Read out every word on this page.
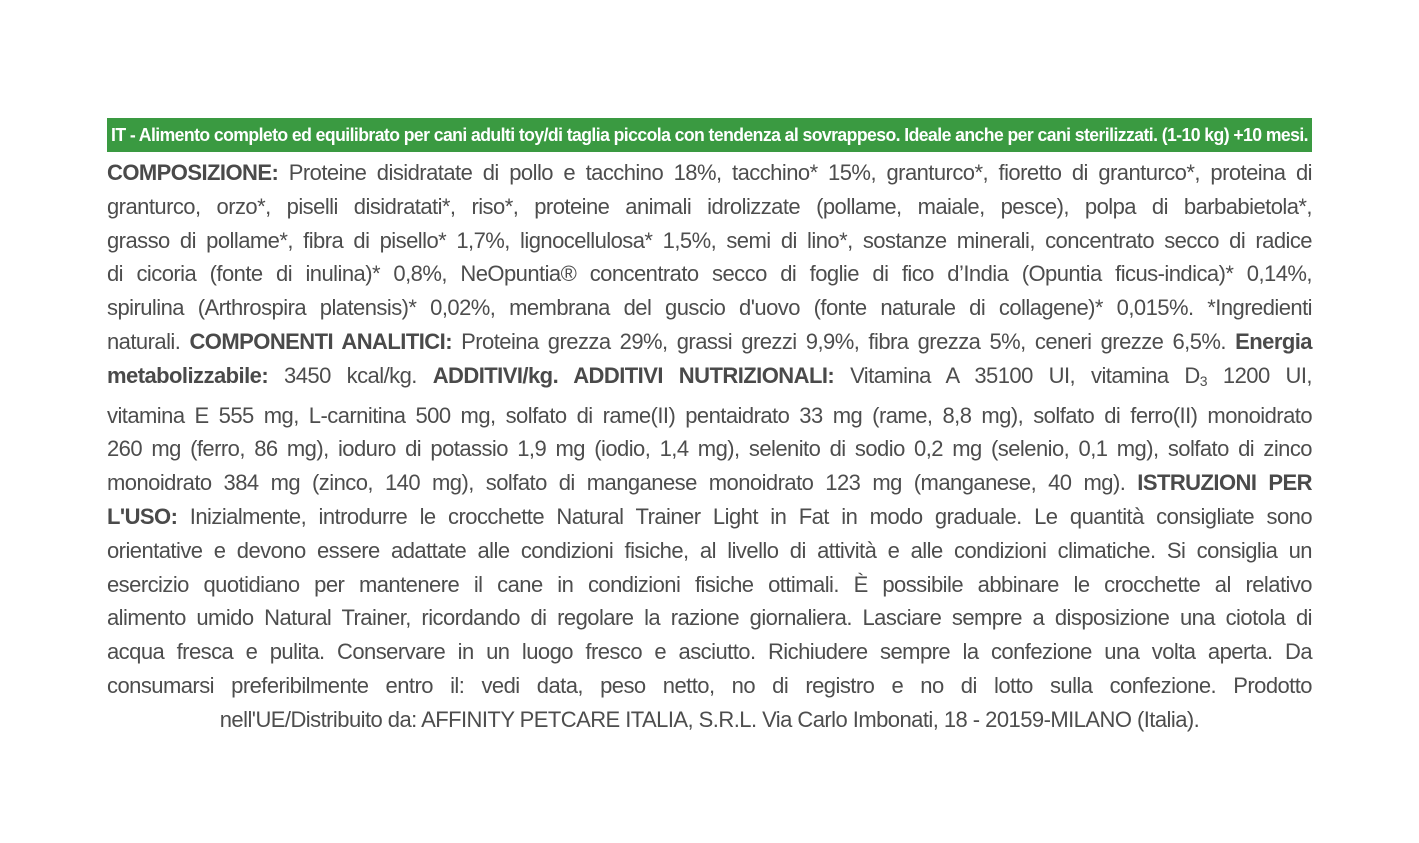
IT - Alimento completo ed equilibrato per cani adulti toy/di taglia piccola con tendenza al sovrappeso. Ideale anche per cani sterilizzati. (1-10 kg) +10 mesi.
COMPOSIZIONE: Proteine disidratate di pollo e tacchino 18%, tacchino* 15%, granturco*, fioretto di granturco*, proteina di
granturco, orzo*, piselli disidratati*, riso*, proteine animali idrolizzate (pollame, maiale, pesce), polpa di barbabietola*,
grasso di pollame*, fibra di pisello* 1,7%, lignocellulosa* 1,5%, semi di lino*, sostanze minerali, concentrato secco di radice
di cicoria (fonte di inulina)* 0,8%, NeOpuntia® concentrato secco di foglie di fico d’India (Opuntia ficus-indica)* 0,14%,
spirulina (Arthrospira platensis)* 0,02%, membrana del guscio d'uovo (fonte naturale di collagene)* 0,015%. *Ingredienti
naturali. COMPONENTI ANALITICI: Proteina grezza 29%, grassi grezzi 9,9%, fibra grezza 5%, ceneri grezze 6,5%. Energia
metabolizzabile: 3450 kcal/kg. ADDITIVI/kg. ADDITIVI NUTRIZIONALI: Vitamina A 35100 UI, vitamina $D_3$ 1200 UI,
vitamina E 555 mg, L-carnitina 500 mg, solfato di rame(II) pentaidrato 33 mg (rame, 8,8 mg), solfato di ferro(II) monoidrato
260 mg (ferro, 86 mg), ioduro di potassio 1,9 mg (iodio, 1,4 mg), selenito di sodio 0,2 mg (selenio, 0,1 mg), solfato di zinco
monoidrato 384 mg (zinco, 140 mg), solfato di manganese monoidrato 123 mg (manganese, 40 mg). ISTRUZIONI PER
L'USO: Inizialmente, introdurre le crocchette Natural Trainer Light in Fat in modo graduale. Le quantità consigliate sono
orientative e devono essere adattate alle condizioni fisiche, al livello di attività e alle condizioni climatiche. Si consiglia un
esercizio quotidiano per mantenere il cane in condizioni fisiche ottimali. È possibile abbinare le crocchette al relativo
alimento umido Natural Trainer, ricordando di regolare la razione giornaliera. Lasciare sempre a disposizione una ciotola di
acqua fresca e pulita. Conservare in un luogo fresco e asciutto. Richiudere sempre la confezione una volta aperta. Da
consumarsi preferibilmente entro il: vedi data, peso netto, no di registro e no di lotto sulla confezione. Prodotto
nell'UE/Distribuito da: AFFINITY PETCARE ITALIA, S.R.L. Via Carlo Imbonati, 18 - 20159-MILANO (Italia).
